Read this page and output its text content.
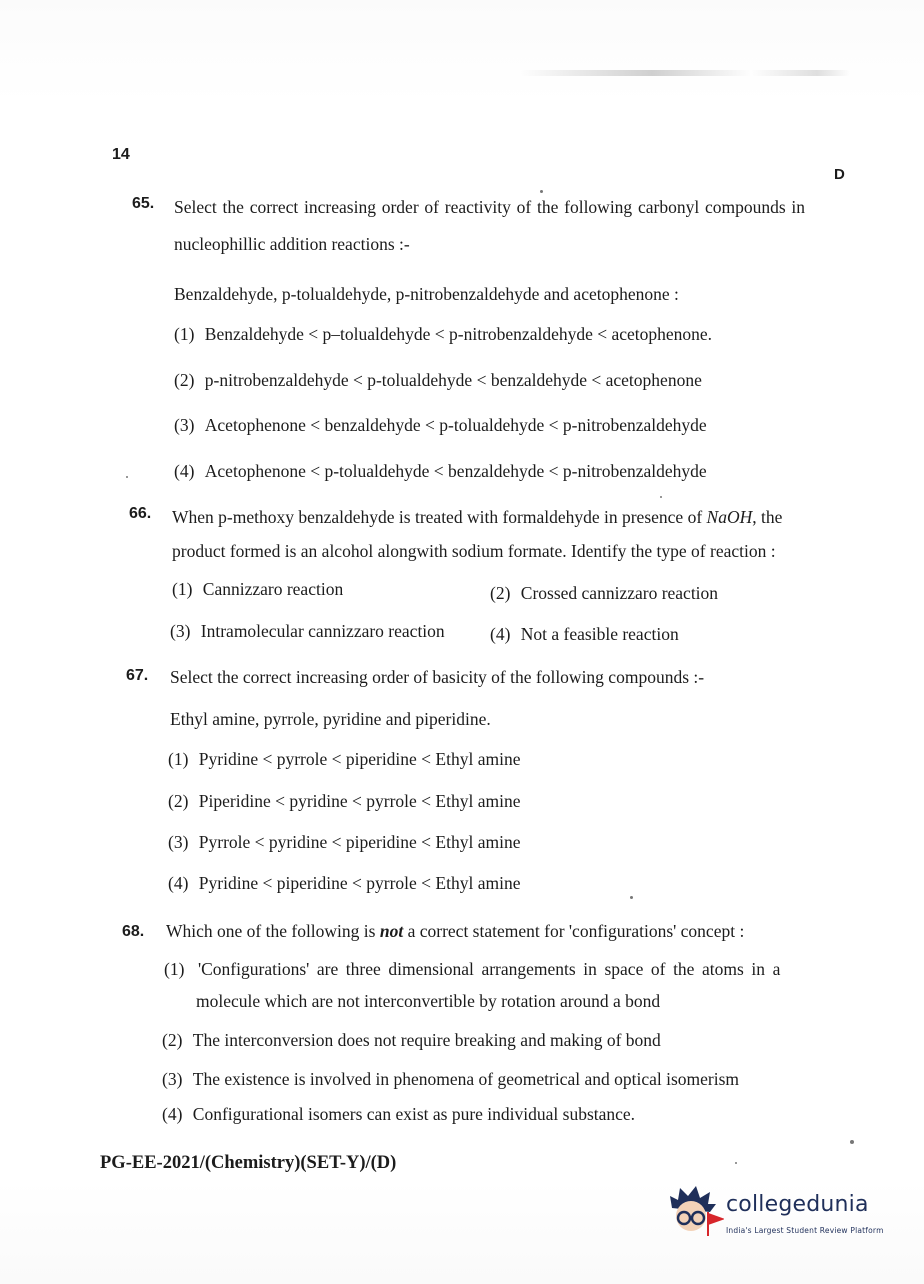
14
D
65. Select the correct increasing order of reactivity of the following carbonyl compounds in
nucleophillic addition reactions :-
Benzaldehyde, p-tolualdehyde, p-nitrobenzaldehyde and acetophenone :
(1) Benzaldehyde < p–tolualdehyde < p-nitrobenzaldehyde < acetophenone.
(2) p-nitrobenzaldehyde < p-tolualdehyde < benzaldehyde < acetophenone
(3) Acetophenone < benzaldehyde < p-tolualdehyde < p-nitrobenzaldehyde
(4) Acetophenone < p-tolualdehyde < benzaldehyde < p-nitrobenzaldehyde
66. When p-methoxy benzaldehyde is treated with formaldehyde in presence of NaOH, the
product formed is an alcohol alongwith sodium formate. Identify the type of reaction :
(1) Cannizzaro reaction	(2) Crossed cannizzaro reaction
(3) Intramolecular cannizzaro reaction	(4) Not a feasible reaction
67. Select the correct increasing order of basicity of the following compounds :-
Ethyl amine, pyrrole, pyridine and piperidine.
(1) Pyridine < pyrrole < piperidine < Ethyl amine
(2) Piperidine < pyridine < pyrrole < Ethyl amine
(3) Pyrrole < pyridine < piperidine < Ethyl amine
(4) Pyridine < piperidine < pyrrole < Ethyl amine
68. Which one of the following is not a correct statement for 'configurations' concept :
(1) 'Configurations' are three dimensional arrangements in space of the atoms in a
molecule which are not interconvertible by rotation around a bond
(2) The interconversion does not require breaking and making of bond
(3) The existence is involved in phenomena of geometrical and optical isomerism
(4) Configurational isomers can exist as pure individual substance.
PG-EE-2021/(Chemistry)(SET-Y)/(D)
collegedunia
India's Largest Student Review Platform
